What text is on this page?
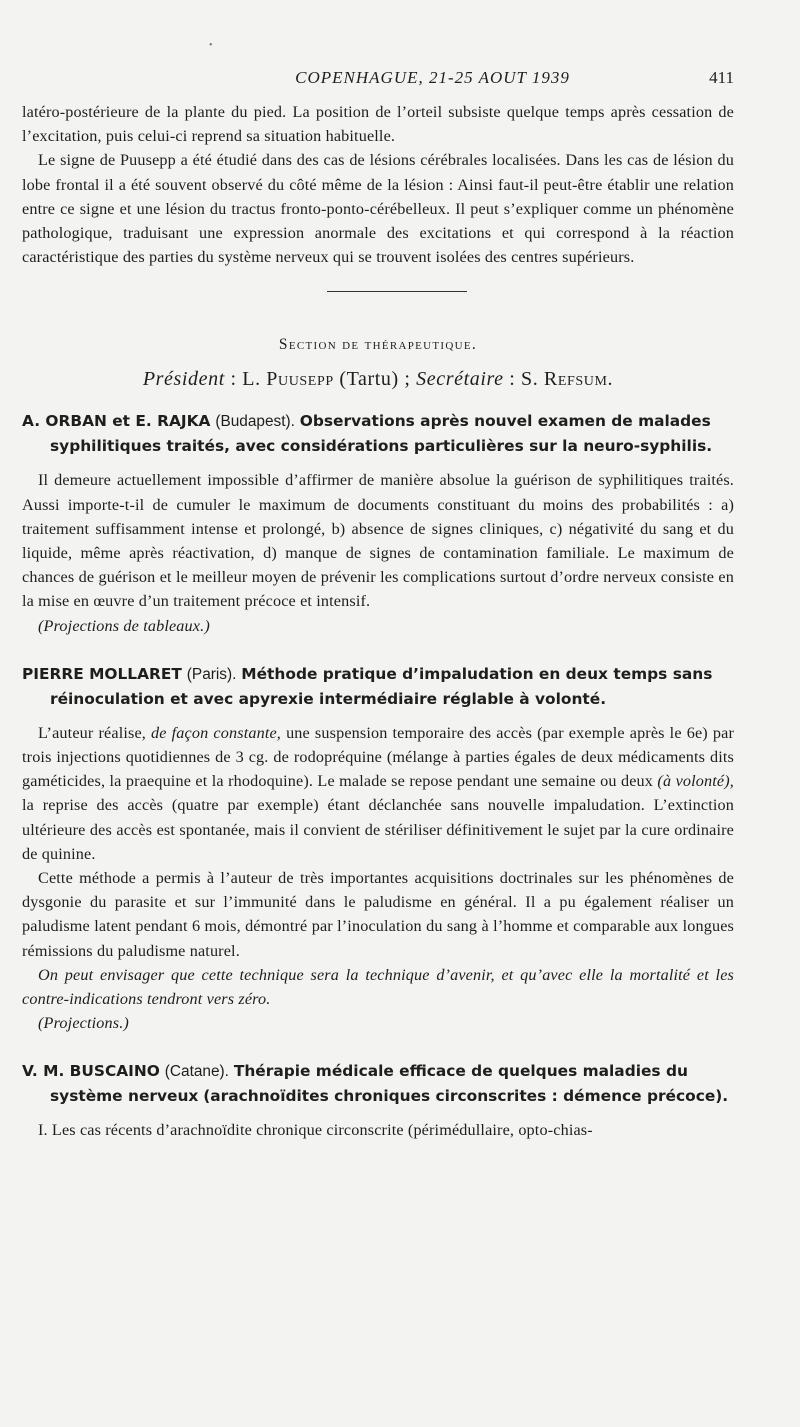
•
COPENHAGUE, 21-25 AOUT 1939	411

latéro-postérieure de la plante du pied. La position de l’orteil subsiste quelque temps après cessation de l’excitation, puis celui-ci reprend sa situation habituelle.

Le signe de Puusepp a été étudié dans des cas de lésions cérébrales localisées. Dans les cas de lésion du lobe frontal il a été souvent observé du côté même de la lésion : Ainsi faut-il peut-être établir une relation entre ce signe et une lésion du tractus fronto-ponto-cérébelleux. Il peut s’expliquer comme un phénomène pathologique, traduisant une expression anormale des excitations et qui correspond à la réaction caractéristique des parties du système nerveux qui se trouvent isolées des centres supérieurs.

Section de thérapeutique.
Président : L. Puusepp (Tartu) ; Secrétaire : S. Refsum.
A. ORBAN et E. RAJKA (Budapest). Observations après nouvel examen de malades syphilitiques traités, avec considérations particulières sur la neuro-syphilis.

Il demeure actuellement impossible d’affirmer de manière absolue la guérison de syphilitiques traités. Aussi importe-t-il de cumuler le maximum de documents constituant du moins des probabilités : a) traitement suffisamment intense et prolongé, b) absence de signes cliniques, c) négativité du sang et du liquide, même après réactivation, d) manque de signes de contamination familiale. Le maximum de chances de guérison et le meilleur moyen de prévenir les complications surtout d’ordre nerveux consiste en la mise en œuvre d’un traitement précoce et intensif.

(Projections de tableaux.)

PIERRE MOLLARET (Paris). Méthode pratique d’impaludation en deux temps sans réinoculation et avec apyrexie intermédiaire réglable à volonté.

L’auteur réalise, de façon constante, une suspension temporaire des accès (par exemple après le 6e) par trois injections quotidiennes de 3 cg. de rodopréquine (mélange à parties égales de deux médicaments dits gaméticides, la praequine et la rhodoquine). Le malade se repose pendant une semaine ou deux (à volonté), la reprise des accès (quatre par exemple) étant déclanchée sans nouvelle impaludation. L’extinction ultérieure des accès est spontanée, mais il convient de stériliser définitivement le sujet par la cure ordinaire de quinine.

Cette méthode a permis à l’auteur de très importantes acquisitions doctrinales sur les phénomènes de dysgonie du parasite et sur l’immunité dans le paludisme en général. Il a pu également réaliser un paludisme latent pendant 6 mois, démontré par l’inoculation du sang à l’homme et comparable aux longues rémissions du paludisme naturel.

On peut envisager que cette technique sera la technique d’avenir, et qu’avec elle la mortalité et les contre-indications tendront vers zéro.

(Projections.)

V. M. BUSCAINO (Catane). Thérapie médicale efficace de quelques maladies du système nerveux (arachnoïdites chroniques circonscrites : démence précoce).

I. Les cas récents d’arachnoïdite chronique circonscrite (périmédullaire, opto-chias-
